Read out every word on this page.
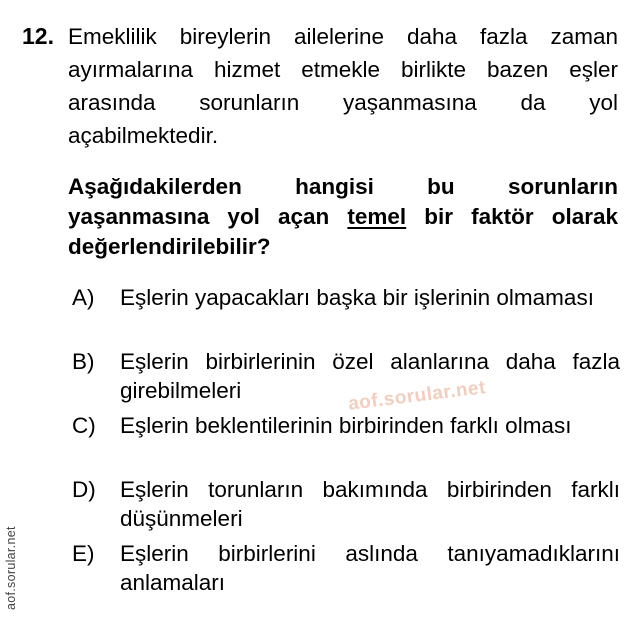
12. Emeklilik bireylerin ailelerine daha fazla zaman ayırmalarına hizmet etmekle birlikte bazen eşler arasında sorunların yaşanmasına da yol açabilmektedir.

Aşağıdakilerden hangisi bu sorunların yaşanmasına yol açan temel bir faktör olarak değerlendirilebilir?

A)	Eşlerin yapacakları başka bir işlerinin olmaması
B)	Eşlerin birbirlerinin özel alanlarına daha fazla girebilmeleri
C)	Eşlerin beklentilerinin birbirinden farklı olması
D)	Eşlerin torunların bakımında birbirinden farklı düşünmeleri
E)	Eşlerin birbirlerini aslında tanıyamadıklarını anlamaları
aof.sorular.net
aof.sorular.net
